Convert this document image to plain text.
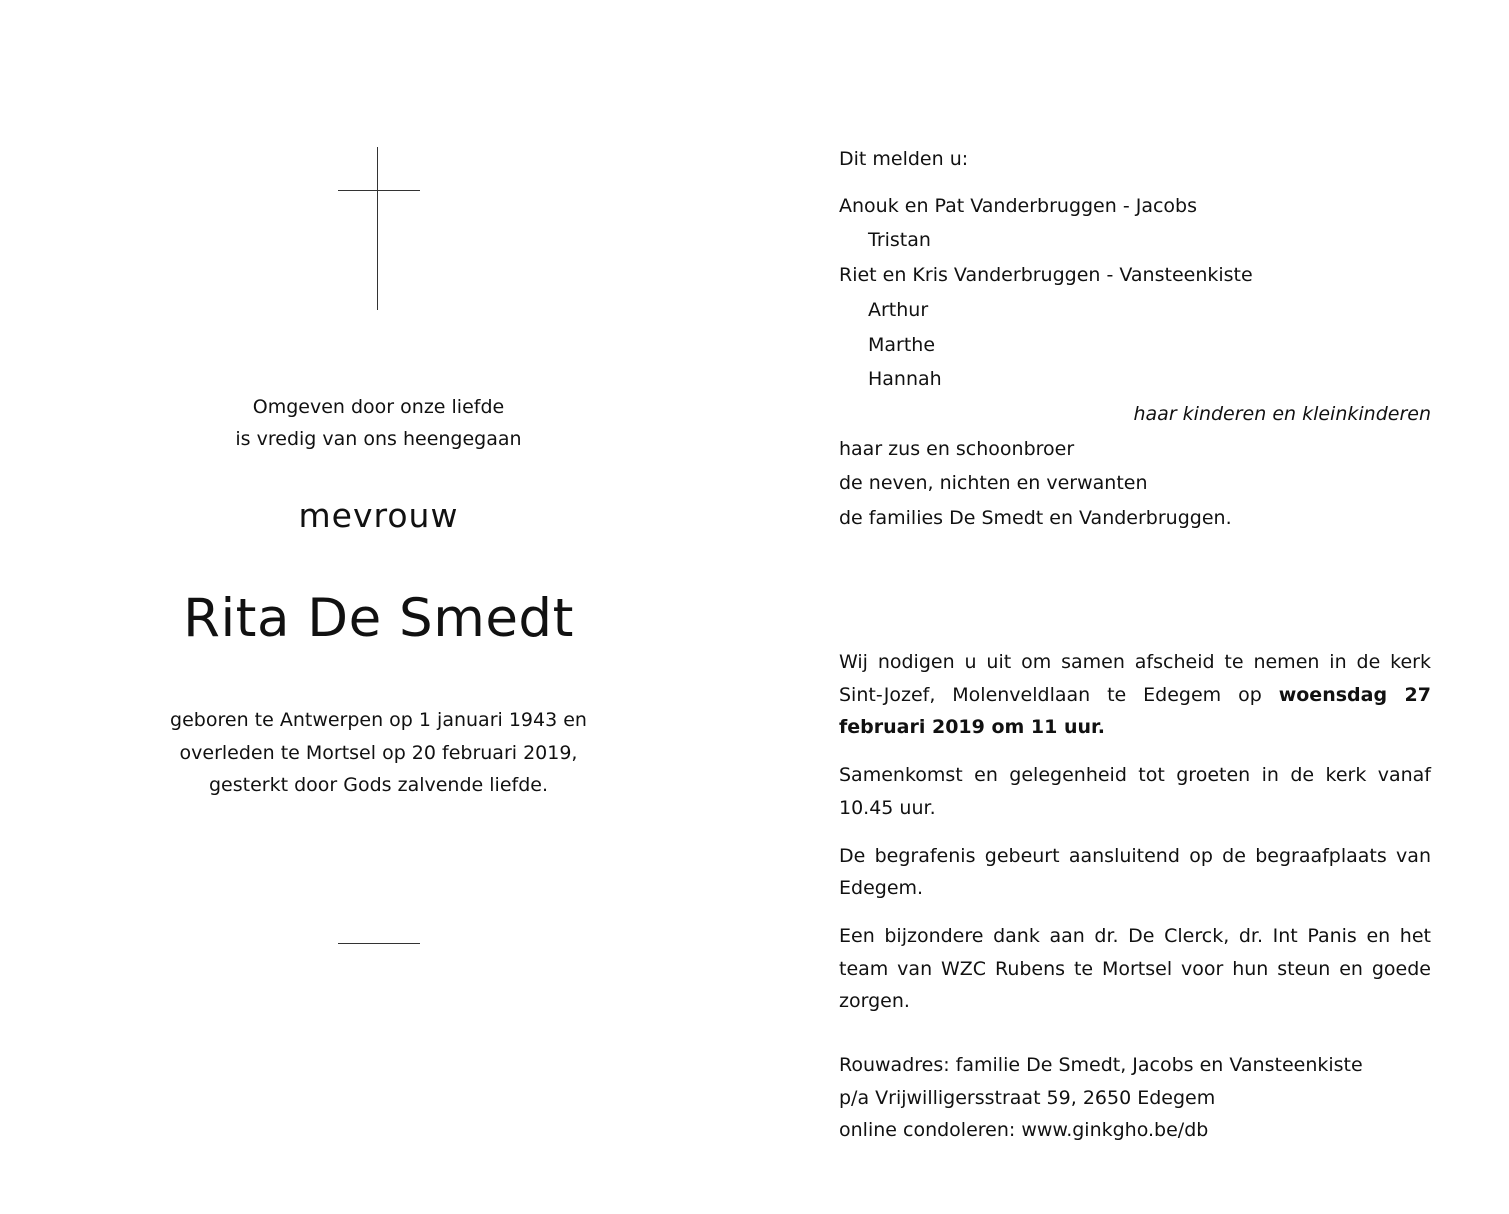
Omgeven door onze liefde
is vredig van ons heengegaan
mevrouw
Rita De Smedt
geboren te Antwerpen op 1 januari 1943 en
overleden te Mortsel op 20 februari 2019,
gesterkt door Gods zalvende liefde.
Dit melden u:
Anouk en Pat Vanderbruggen - Jacobs
Tristan
Riet en Kris Vanderbruggen - Vansteenkiste
Arthur
Marthe
Hannah
haar kinderen en kleinkinderen
haar zus en schoonbroer
de neven, nichten en verwanten
de families De Smedt en Vanderbruggen.

Wij nodigen u uit om samen afscheid te nemen in de kerk Sint-Jozef, Molenveldlaan te Edegem op woensdag 27 februari 2019 om 11 uur.

Samenkomst en gelegenheid tot groeten in de kerk vanaf 10.45 uur.

De begrafenis gebeurt aansluitend op de begraafplaats van Edegem.

Een bijzondere dank aan dr. De Clerck, dr. Int Panis en het team van WZC Rubens te Mortsel voor hun steun en goede zorgen.

Rouwadres: familie De Smedt, Jacobs en Vansteenkiste
p/a Vrijwilligersstraat 59, 2650 Edegem
online condoleren: www.ginkgho.be/db
